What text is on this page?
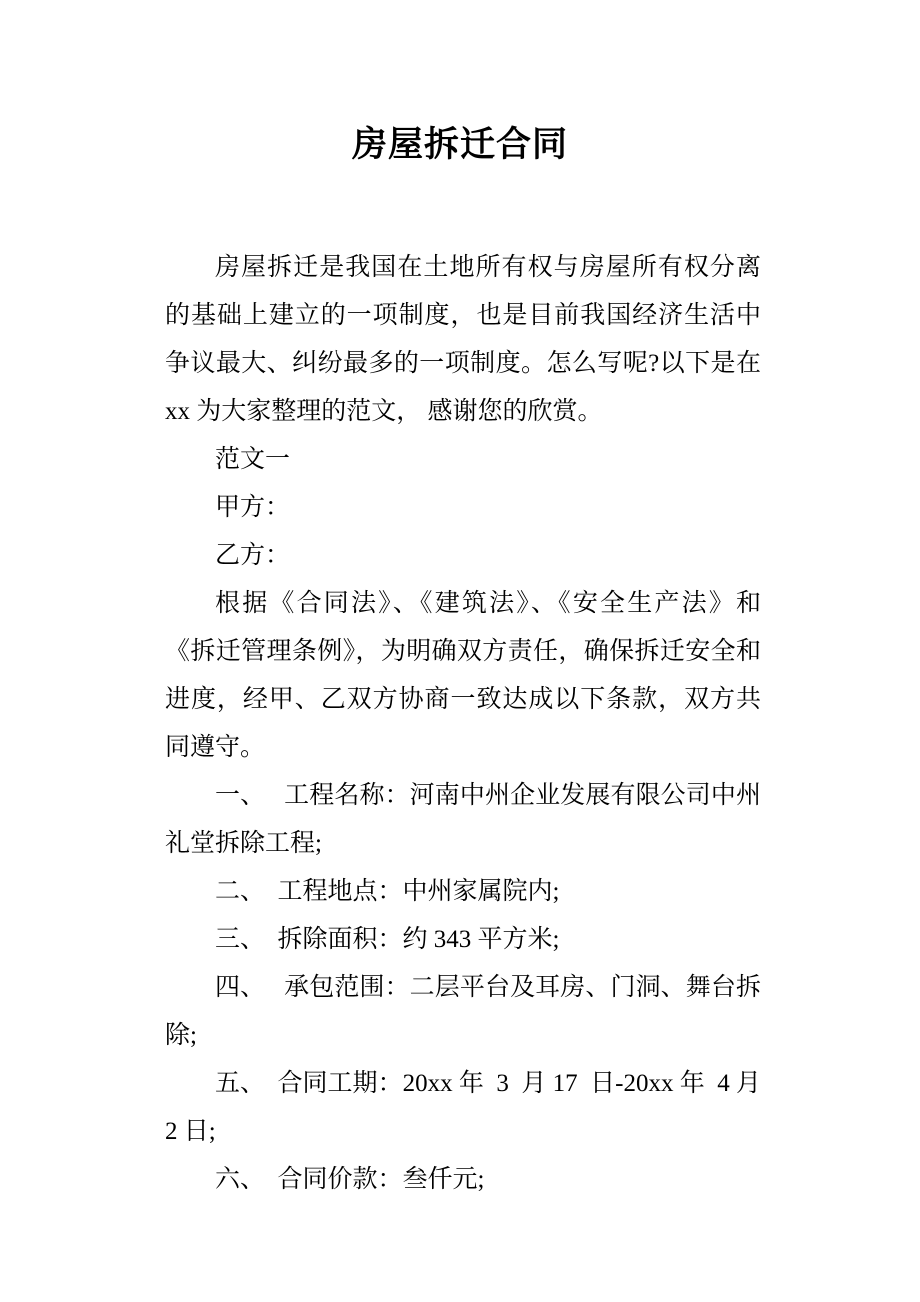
房屋拆迁合同

房屋拆迁是我国在土地所有权与房屋所有权分离的基础上建立的一项制度，也是目前我国经济生活中争议最大、纠纷最多的一项制度。怎么写呢?以下是在 xx 为大家整理的范文， 感谢您的欣赏。

范文一

甲方：

乙方：

根据《合同法》、《建筑法》、《安全生产法》和《拆迁管理条例》，为明确双方责任，确保拆迁安全和进度，经甲、乙双方协商一致达成以下条款，双方共同遵守。

一、　 工程名称：河南中州企业发展有限公司中州礼堂拆除工程;

二、 工程地点：中州家属院内;

三、 拆除面积：约 343 平方米;

四、　 承包范围：二层平台及耳房、门洞、舞台拆除;

五、 合同工期：20xx 年 3 月 17 日-20xx 年 4 月 2 日;

六、 合同价款：叁仟元;
